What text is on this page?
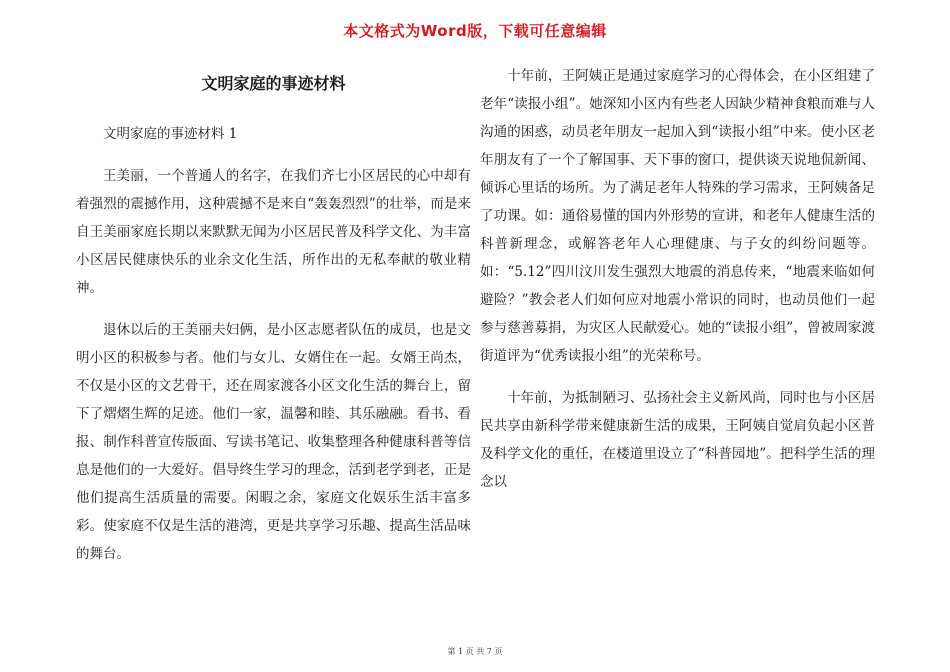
本文格式为Word版，下载可任意编辑
文明家庭的事迹材料

文明家庭的事迹材料 1

王美丽，一个普通人的名字，在我们齐七小区居民的心中却有着强烈的震撼作用，这种震撼不是来自“轰轰烈烈”的壮举，而是来自王美丽家庭长期以来默默无闻为小区居民普及科学文化、为丰富小区居民健康快乐的业余文化生活，所作出的无私奉献的敬业精神。

退休以后的王美丽夫妇俩，是小区志愿者队伍的成员，也是文明小区的积极参与者。他们与女儿、女婿住在一起。女婿王尚杰，不仅是小区的文艺骨干，还在周家渡各小区文化生活的舞台上，留下了熠熠生辉的足迹。他们一家，温馨和睦、其乐融融。看书、看报、制作科普宣传版面、写读书笔记、收集整理各种健康科普等信息是他们的一大爱好。倡导终生学习的理念，活到老学到老，正是他们提高生活质量的需要。闲暇之余，家庭文化娱乐生活丰富多彩。使家庭不仅是生活的港湾，更是共享学习乐趣、提高生活品味的舞台。

十年前，王阿姨正是通过家庭学习的心得体会，在小区组建了老年“读报小组”。她深知小区内有些老人因缺少精神食粮而难与人沟通的困惑，动员老年朋友一起加入到“读报小组”中来。使小区老年朋友有了一个了解国事、天下事的窗口，提供谈天说地侃新闻、倾诉心里话的场所。为了满足老年人特殊的学习需求，王阿姨备足了功课。如：通俗易懂的国内外形势的宣讲，和老年人健康生活的科普新理念，或解答老年人心理健康、与子女的纠纷问题等。如：“5.12”四川汶川发生强烈大地震的消息传来，“地震来临如何避险？”教会老人们如何应对地震小常识的同时，也动员他们一起参与慈善募捐，为灾区人民献爱心。她的“读报小组”，曾被周家渡街道评为“优秀读报小组”的光荣称号。

十年前，为抵制陋习、弘扬社会主义新风尚，同时也与小区居民共享由新科学带来健康新生活的成果，王阿姨自觉肩负起小区普及科学文化的重任，在楼道里设立了“科普园地”。把科学生活的理念以

第 1 页 共 7 页
